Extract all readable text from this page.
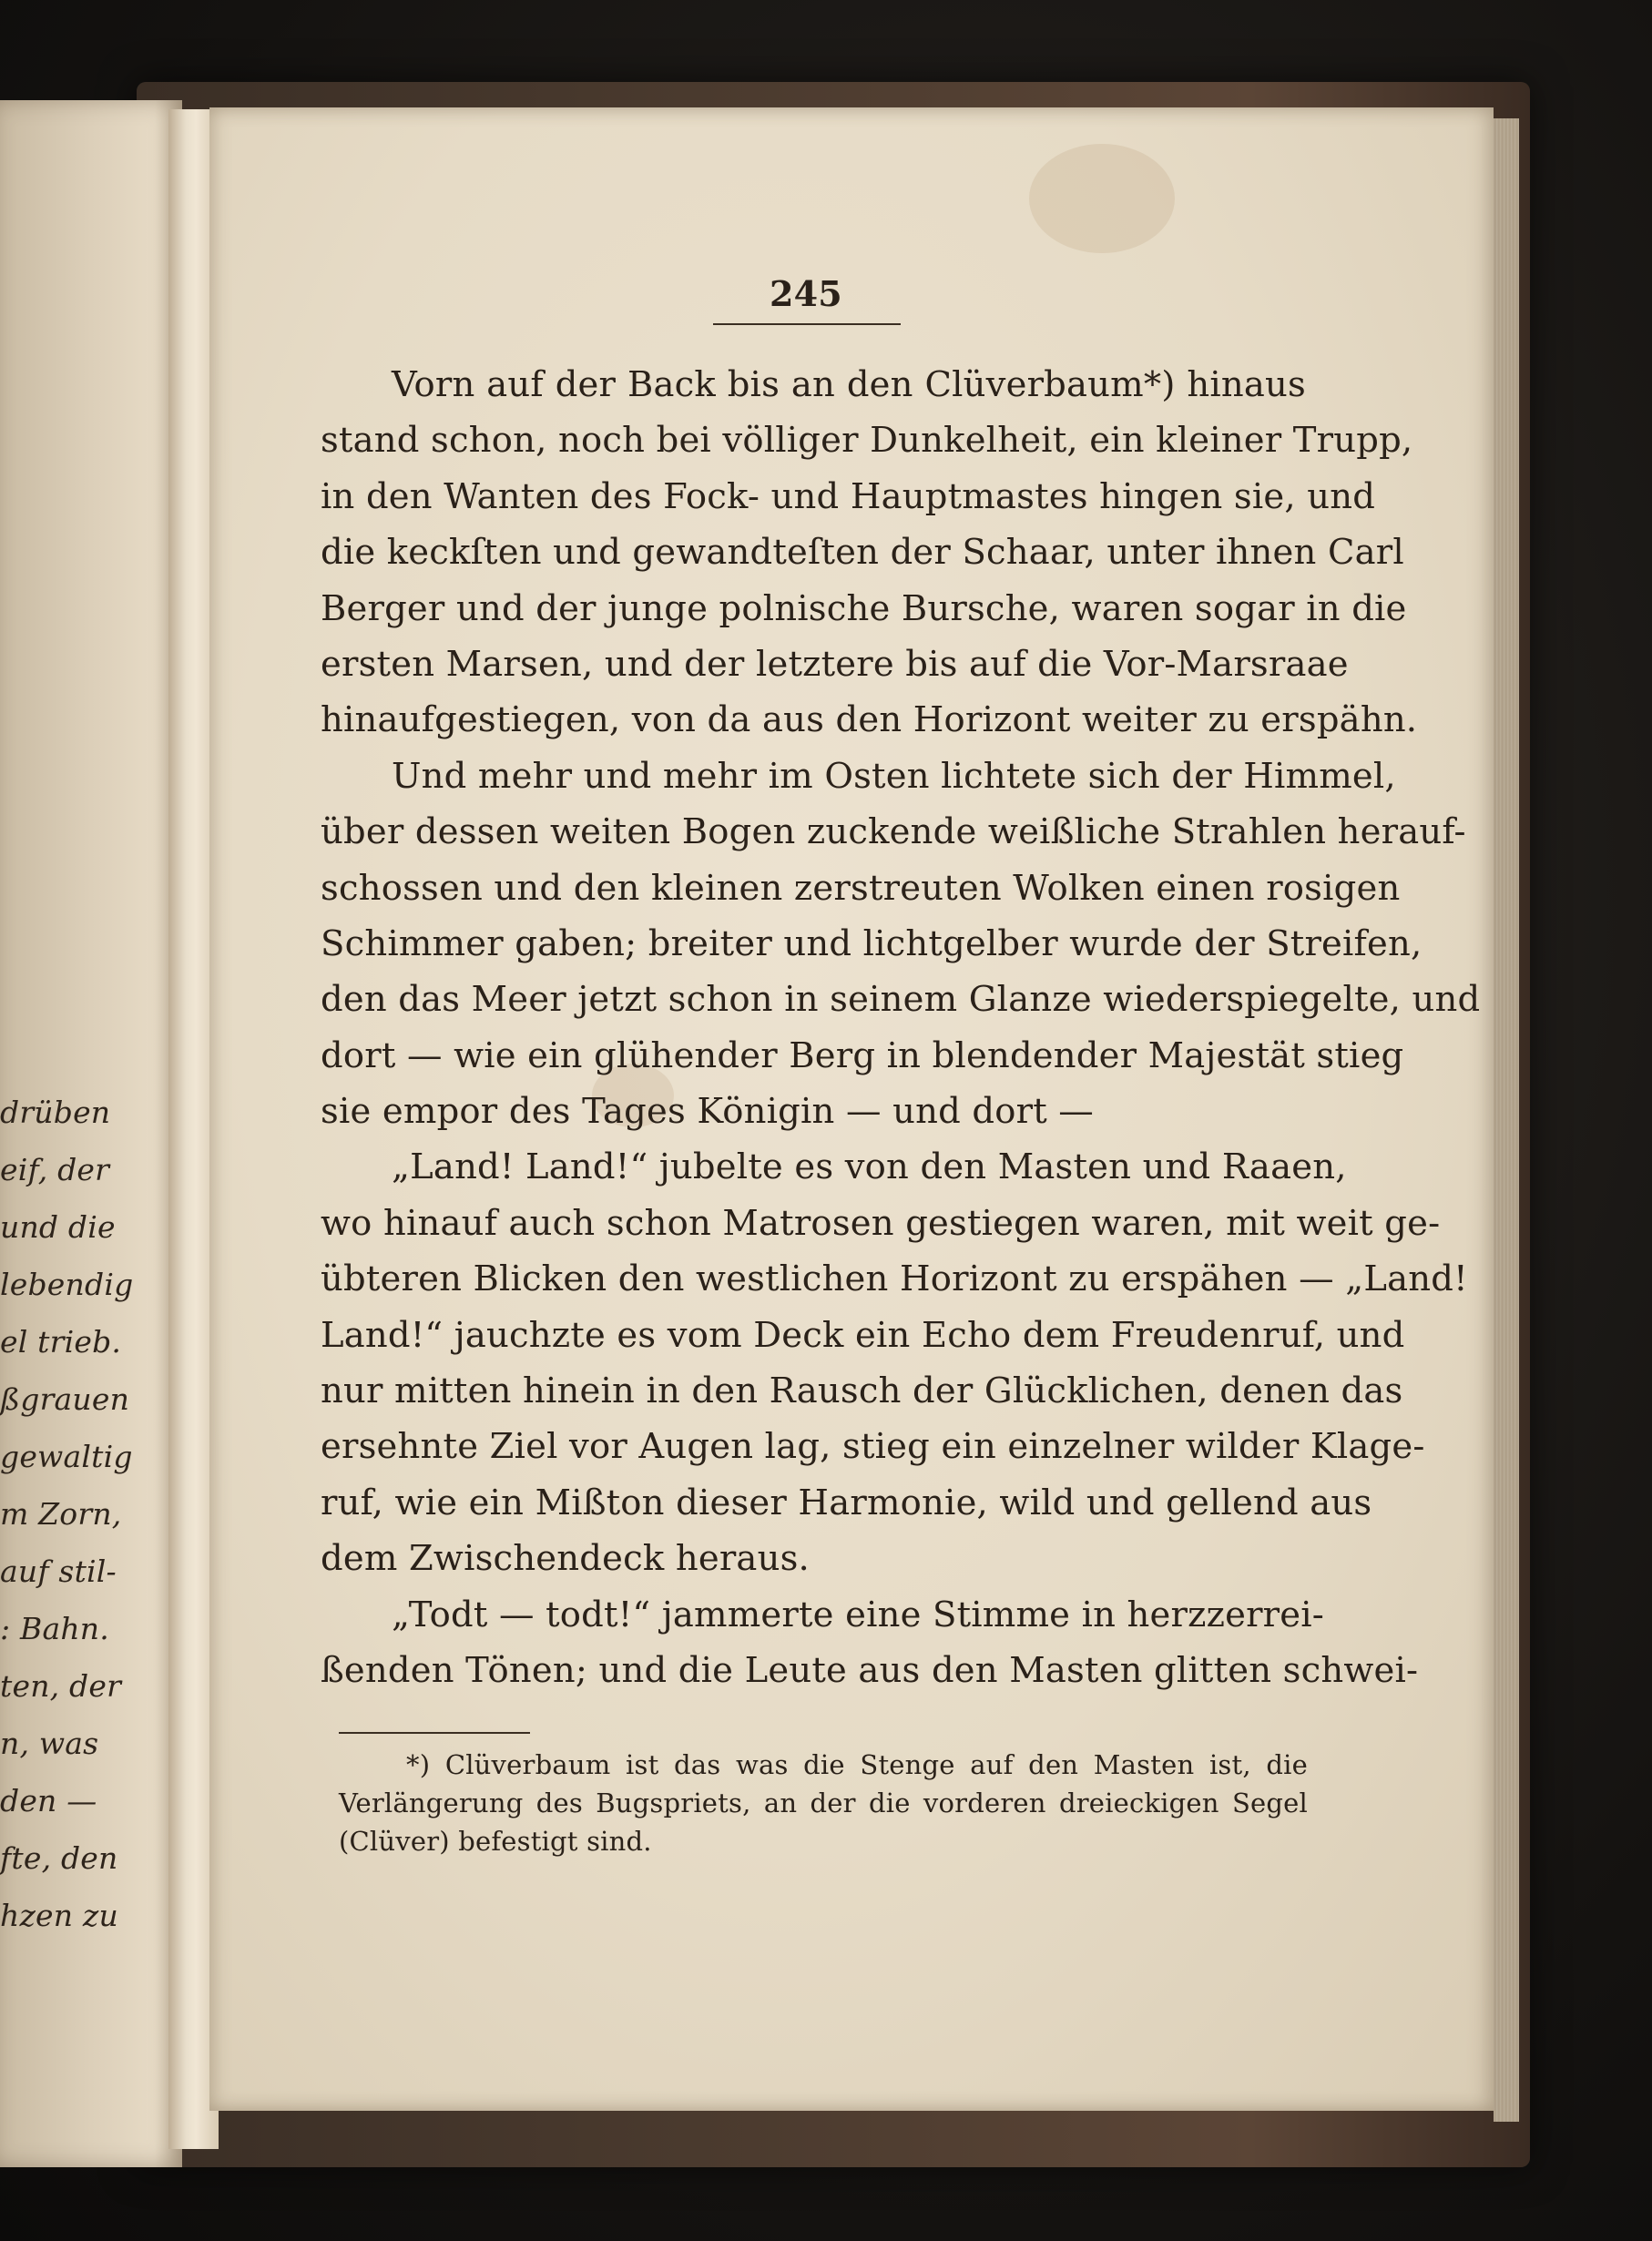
drüben
eif, der
und die
lebendig
el trieb.
ßgrauen
gewaltig
m Zorn,
auf stil-
: Bahn.
ten, der
n, was
den —
fte, den
hzen zu
245
Vorn auf der Back bis an den Clüverbaum*) hinaus
stand schon, noch bei völliger Dunkelheit, ein kleiner Trupp,
in den Wanten des Fock- und Hauptmastes hingen sie, und
die keckſten und gewandteſten der Schaar, unter ihnen Carl
Berger und der junge polnische Bursche, waren sogar in die
ersten Marsen, und der letztere bis auf die Vor-Marsraae
hinaufgestiegen, von da aus den Horizont weiter zu erspähn.
Und mehr und mehr im Osten lichtete sich der Himmel,
über dessen weiten Bogen zuckende weißliche Strahlen herauf-
schossen und den kleinen zerstreuten Wolken einen rosigen
Schimmer gaben; breiter und lichtgelber wurde der Streifen,
den das Meer jetzt schon in seinem Glanze wiederspiegelte, und
dort — wie ein glühender Berg in blendender Majestät stieg
sie empor des Tages Königin — und dort —
„Land! Land!“ jubelte es von den Masten und Raaen,
wo hinauf auch schon Matrosen gestiegen waren, mit weit ge-
übteren Blicken den westlichen Horizont zu erspähen — „Land!
Land!“ jauchzte es vom Deck ein Echo dem Freudenruf, und
nur mitten hinein in den Rausch der Glücklichen, denen das
ersehnte Ziel vor Augen lag, stieg ein einzelner wilder Klage-
ruf, wie ein Mißton dieser Harmonie, wild und gellend aus
dem Zwischendeck heraus.
„Todt — todt!“ jammerte eine Stimme in herzzerrei-
ßenden Tönen; und die Leute aus den Masten glitten schwei-
*) Clüverbaum ist das was die Stenge auf den Masten ist, die
Verlängerung des Bugspriets, an der die vorderen dreieckigen Segel
(Clüver) befestigt sind.
